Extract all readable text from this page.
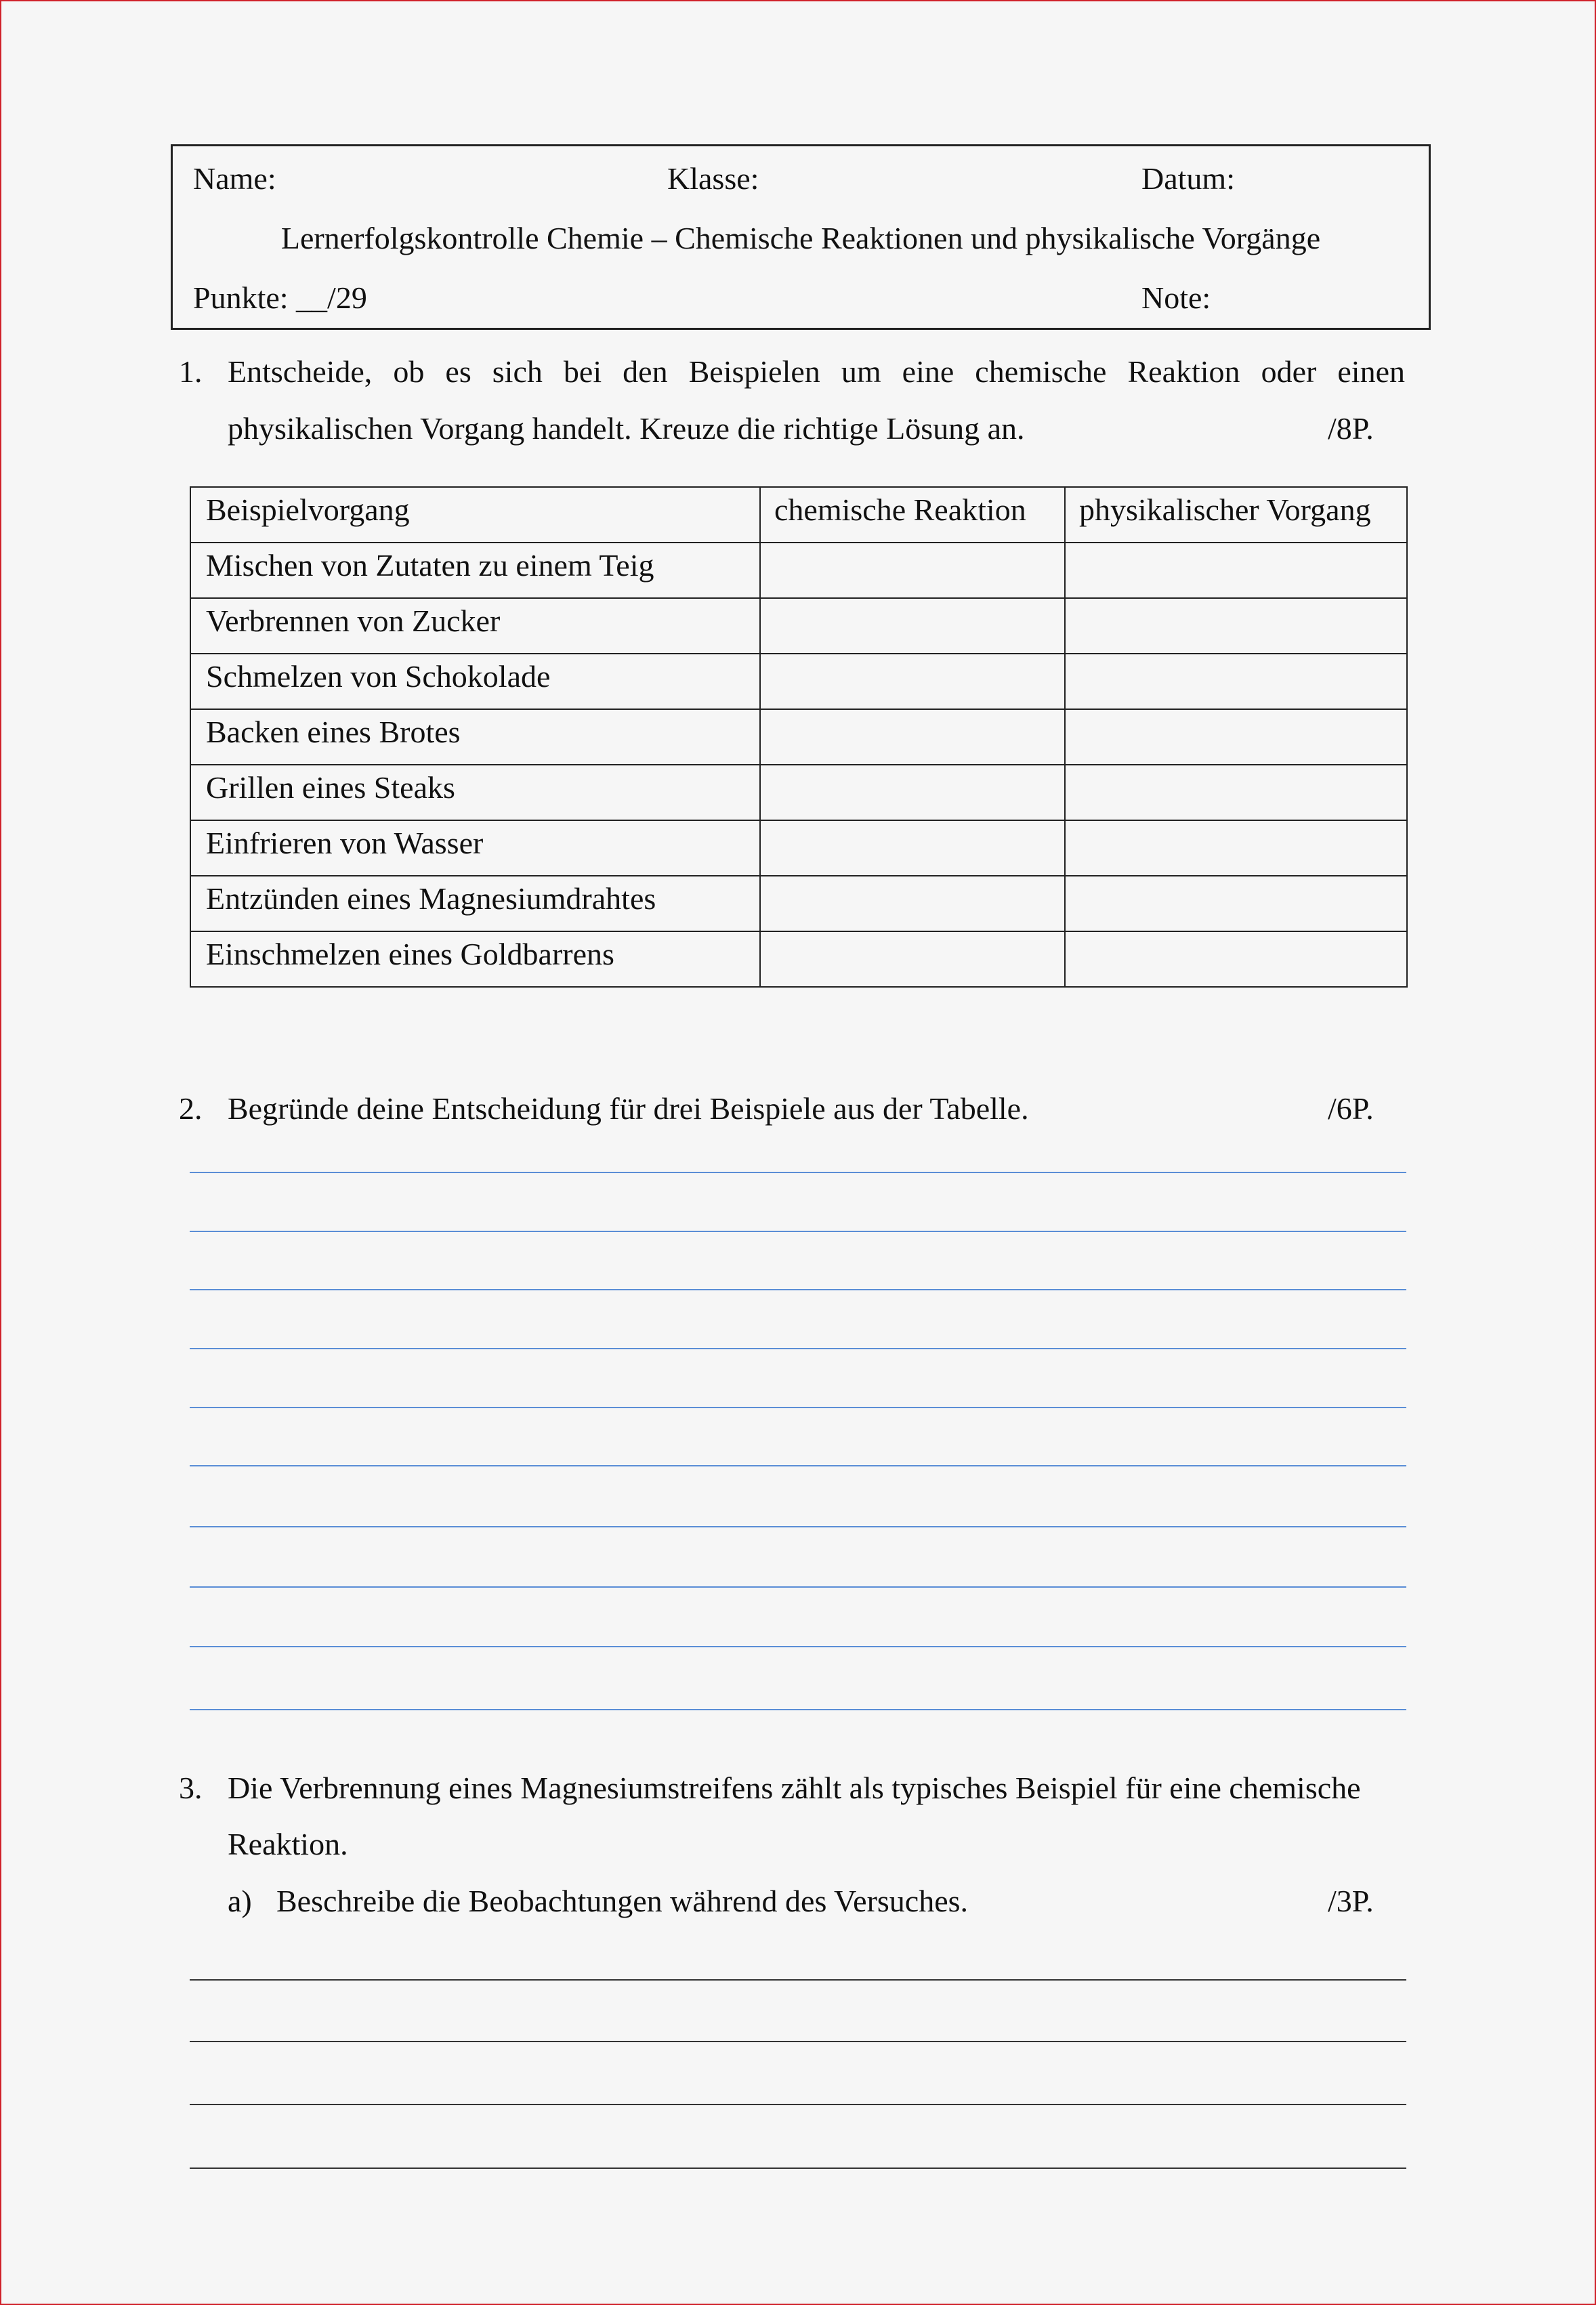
Name:	Klasse:	Datum:
Lernerfolgskontrolle Chemie – Chemische Reaktionen und physikalische Vorgänge
Punkte: __/29	Note:
1. Entscheide, ob es sich bei den Beispielen um eine chemische Reaktion oder einen
physikalischen Vorgang handelt. Kreuze die richtige Lösung an.	/8P.
Beispielvorgang	chemische Reaktion	physikalischer Vorgang
Mischen von Zutaten zu einem Teig		
Verbrennen von Zucker		
Schmelzen von Schokolade		
Backen eines Brotes		
Grillen eines Steaks		
Einfrieren von Wasser		
Entzünden eines Magnesiumdrahtes		
Einschmelzen eines Goldbarrens		
2. Begründe deine Entscheidung für drei Beispiele aus der Tabelle.	/6P.
3. Die Verbrennung eines Magnesiumstreifens zählt als typisches Beispiel für eine chemische
Reaktion.
a) Beschreibe die Beobachtungen während des Versuches.	/3P.
